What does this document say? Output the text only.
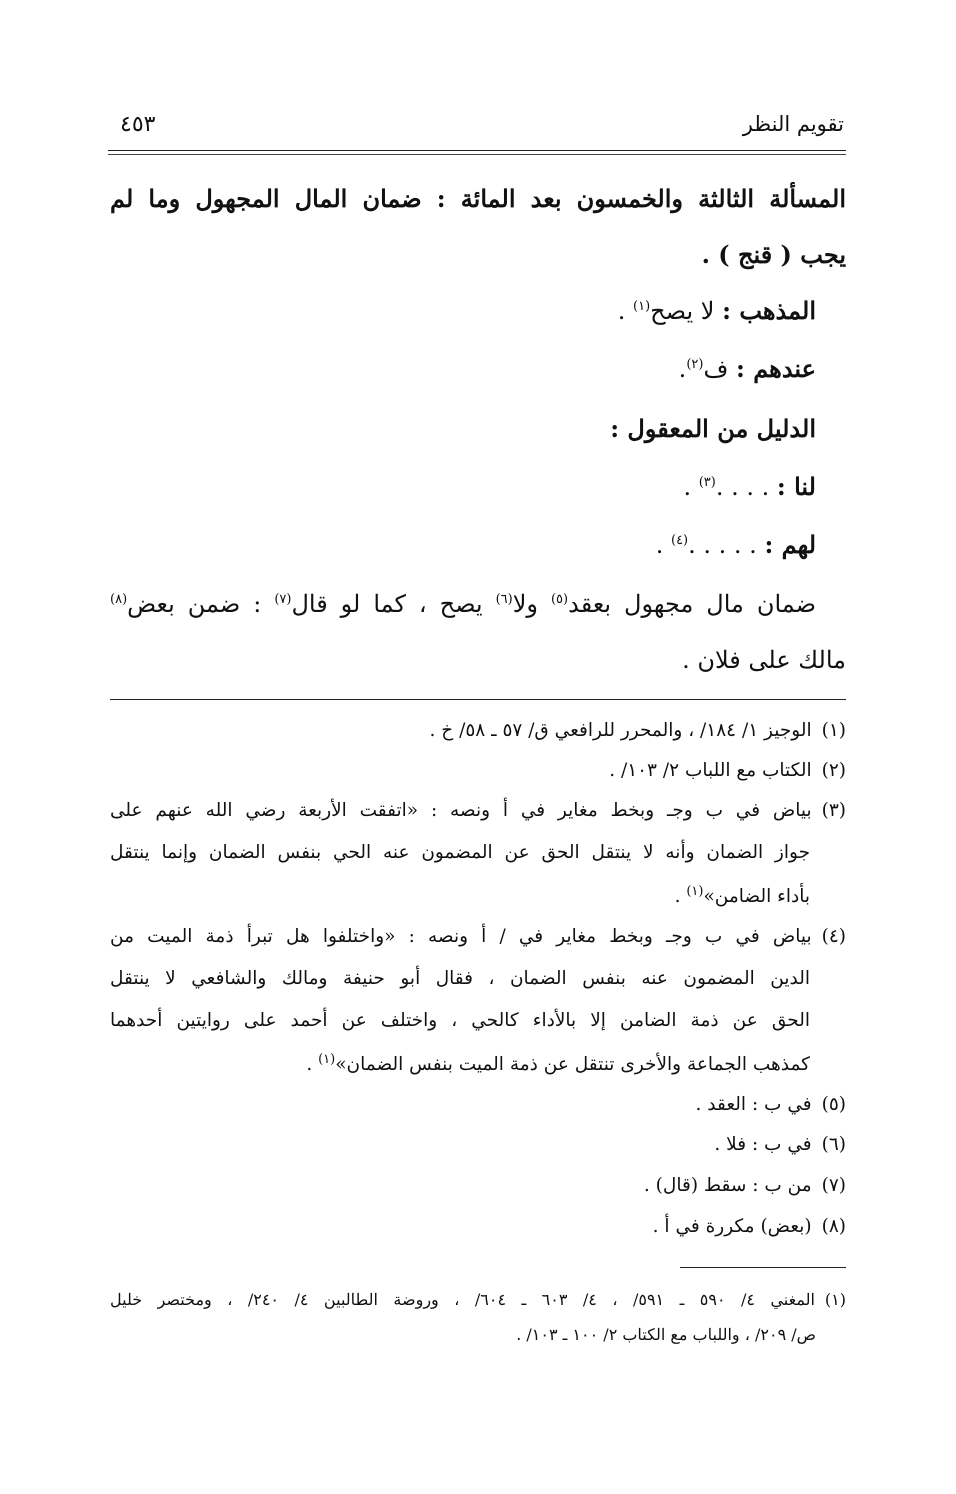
تقويم النظر
٤٥٣
المسألة الثالثة والخمسون بعد المائة : ضمان المال المجهول وما لم
يجب ( قنج ) .
المذهب : لا يصح$^{(١)}$ .
عندهم : ف$^{(٢)}$.
الدليل من المعقول :
لنا : . . . .$^{(٣)}$ .
لهم : . . . . .$^{(٤)}$ .
ضمان مال مجهول بعقد$^{(٥)}$ ولا$^{(٦)}$ يصح ، كما لو قال$^{(٧)}$ : ضمن بعض$^{(٨)}$
مالك على فلان .
(١)الوجيز ١/ ١٨٤/ ، والمحرر للرافعي ق/ ٥٧ ـ ٥٨/ خ .
(٢)الكتاب مع اللباب ٢/ ١٠٣/ .
(٣)بياض في ب وجـ وبخط مغاير في أ ونصه : «اتفقت الأربعة رضي الله عنهم على
جواز الضمان وأنه لا ينتقل الحق عن المضمون عنه الحي بنفس الضمان وإنما ينتقل
بأداء الضامن»$^{(١)}$ .
(٤)بياض في ب وجـ وبخط مغاير في / أ ونصه : «واختلفوا هل تبرأ ذمة الميت من
الدين المضمون عنه بنفس الضمان ، فقال أبو حنيفة ومالك والشافعي لا ينتقل
الحق عن ذمة الضامن إلا بالأداء كالحي ، واختلف عن أحمد على روايتين أحدهما
كمذهب الجماعة والأخرى تنتقل عن ذمة الميت بنفس الضمان»$^{(١)}$ .
(٥)في ب : العقد .
(٦)في ب : فلا .
(٧)من ب : سقط (قال) .
(٨)(بعض) مكررة في أ .
(١)المغني ٤/ ٥٩٠ ـ ٥٩١/ ، ٤/ ٦٠٣ ـ ٦٠٤/ ، وروضة الطالبين ٤/ ٢٤٠/ ، ومختصر خليل
ص/ ٢٠٩/ ، واللباب مع الكتاب ٢/ ١٠٠ ـ ١٠٣/ .
